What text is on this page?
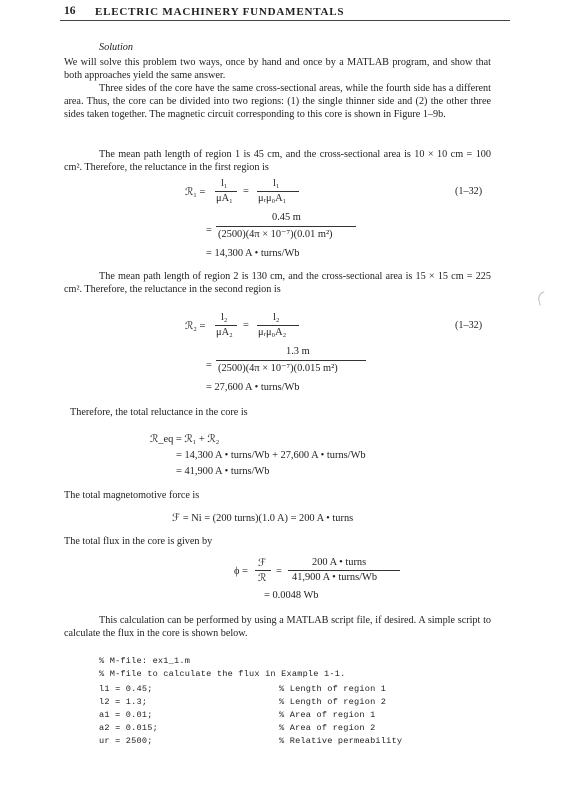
16 ELECTRIC MACHINERY FUNDAMENTALS
Solution
We will solve this problem two ways, once by hand and once by a MATLAB program, and show that both approaches yield the same answer.
Three sides of the core have the same cross-sectional areas, while the fourth side has a different area. Thus, the core can be divided into two regions: (1) the single thinner side and (2) the other three sides taken together. The magnetic circuit corresponding to this core is shown in Figure 1–9b.
The mean path length of region 1 is 45 cm, and the cross-sectional area is 10 × 10 cm = 100 cm². Therefore, the reluctance in the first region is
ℛ₁ =
l₁
μA₁
=
l₁
μᵣμ₀A₁
(1–32)
=
0.45 m
(2500)(4π × 10⁻⁷)(0.01 m²)
= 14,300 A • turns/Wb
The mean path length of region 2 is 130 cm, and the cross-sectional area is 15 × 15 cm = 225 cm². Therefore, the reluctance in the second region is
ℛ₂ =
l₂
μA₂
=
l₂
μᵣμ₀A₂
(1–32)
=
1.3 m
(2500)(4π × 10⁻⁷)(0.015 m²)
= 27,600 A • turns/Wb
Therefore, the total reluctance in the core is
ℛ_eq = ℛ₁ + ℛ₂
= 14,300 A • turns/Wb + 27,600 A • turns/Wb
= 41,900 A • turns/Wb
The total magnetomotive force is
ℱ = Ni = (200 turns)(1.0 A) = 200 A • turns
The total flux in the core is given by
ϕ =
ℱ
ℛ
=
200 A • turns
41,900 A • turns/Wb
= 0.0048 Wb
This calculation can be performed by using a MATLAB script file, if desired. A simple script to calculate the flux in the core is shown below.
% M-file: ex1_1.m
% M-file to calculate the flux in Example 1-1.
l1 = 0.45;	% Length of region 1
l2 = 1.3;	% Length of region 2
a1 = 0.01;	% Area of region 1
a2 = 0.015;	% Area of region 2
ur = 2500;	% Relative permeability
